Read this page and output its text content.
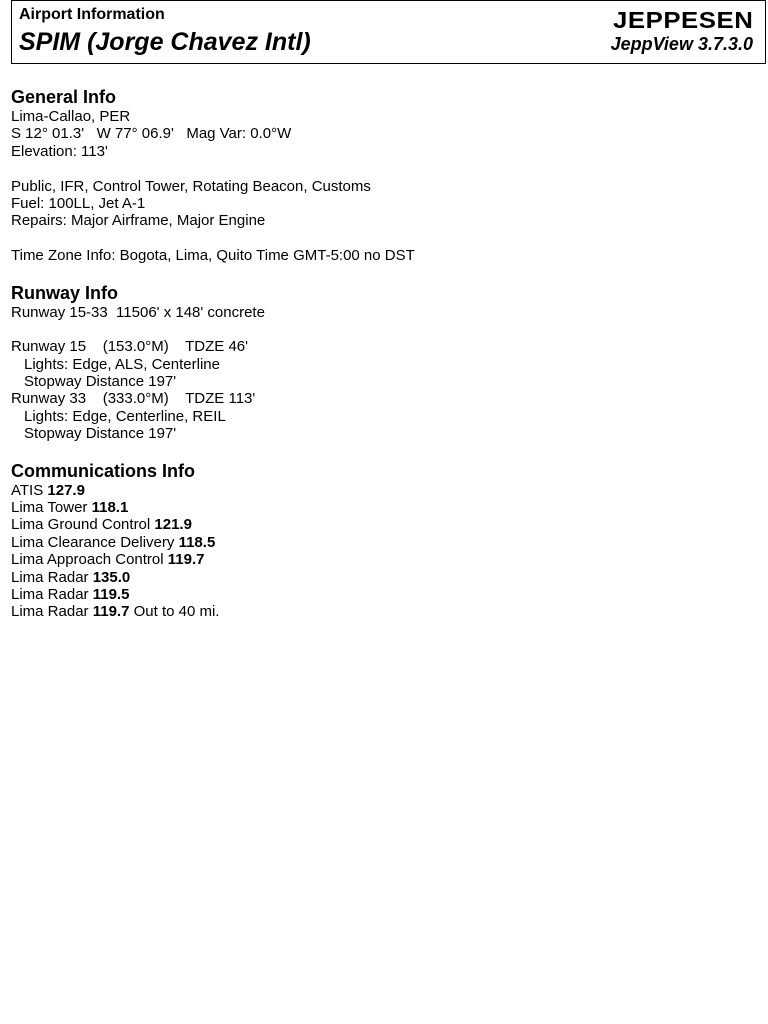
Airport Information
SPIM (Jorge Chavez Intl)
JEPPESEN
JeppView 3.7.3.0
General Info
Lima-Callao, PER
S 12° 01.3'   W 77° 06.9'   Mag Var: 0.0°W
Elevation: 113'
Public, IFR, Control Tower, Rotating Beacon, Customs
Fuel: 100LL, Jet A-1
Repairs: Major Airframe, Major Engine
Time Zone Info: Bogota, Lima, Quito Time GMT-5:00 no DST
Runway Info
Runway 15-33  11506' x 148' concrete
Runway 15    (153.0°M)    TDZE 46'
Lights: Edge, ALS, Centerline
Stopway Distance 197'
Runway 33    (333.0°M)    TDZE 113'
Lights: Edge, Centerline, REIL
Stopway Distance 197'
Communications Info
ATIS 127.9
Lima Tower 118.1
Lima Ground Control 121.9
Lima Clearance Delivery 118.5
Lima Approach Control 119.7
Lima Radar 135.0
Lima Radar 119.5
Lima Radar 119.7 Out to 40 mi.
